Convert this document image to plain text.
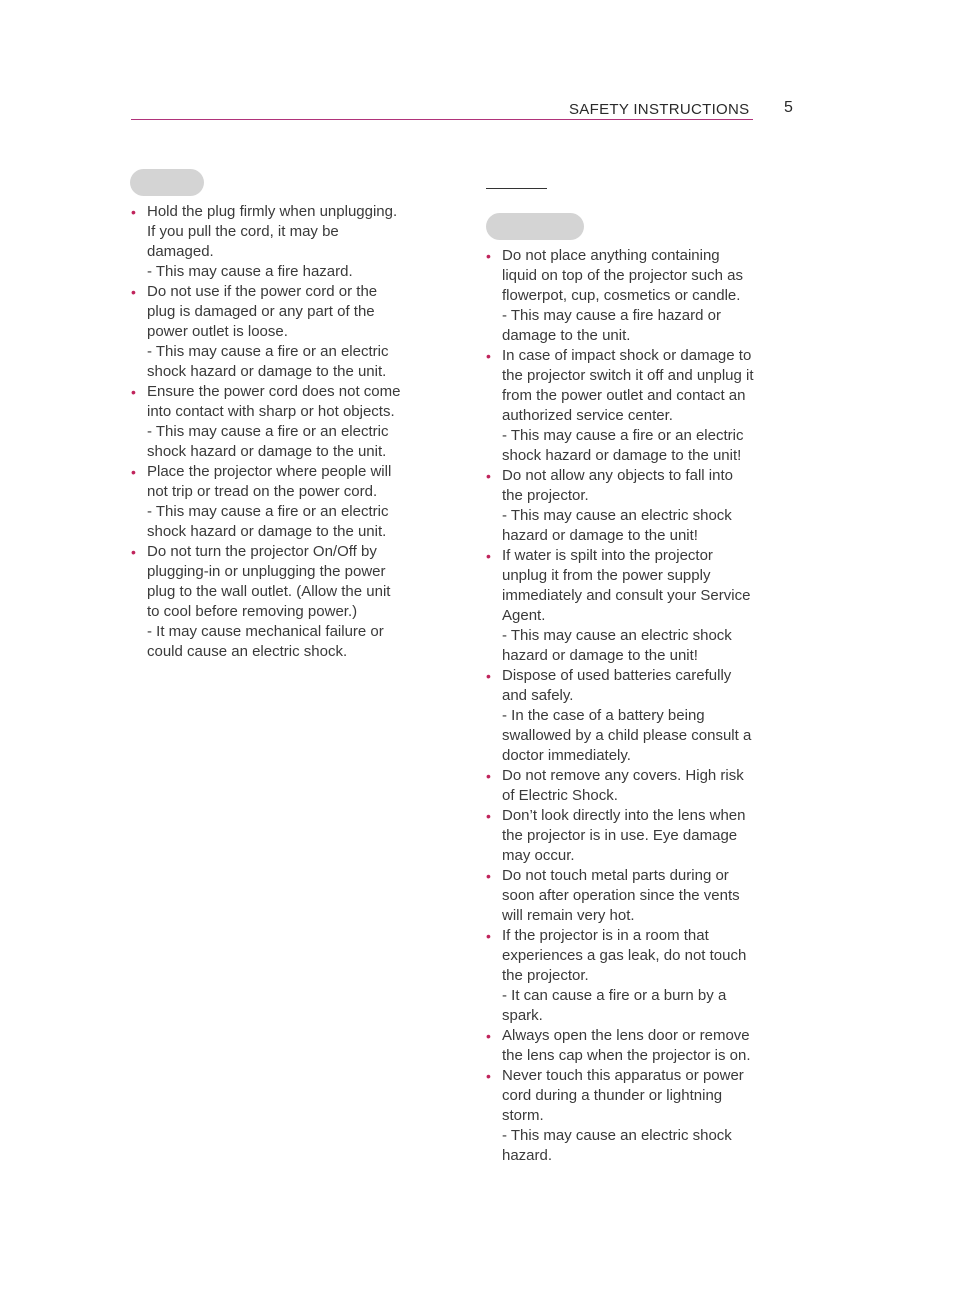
SAFETY INSTRUCTIONS 5
• Hold the plug firmly when unplugging.
If you pull the cord, it may be
damaged.
- This may cause a fire hazard.
• Do not use if the power cord or the
plug is damaged or any part of the
power outlet is loose.
- This may cause a fire or an electric
shock hazard or damage to the unit.
• Ensure the power cord does not come
into contact with sharp or hot objects.
- This may cause a fire or an electric
shock hazard or damage to the unit.
• Place the projector where people will
not trip or tread on the power cord.
- This may cause a fire or an electric
shock hazard or damage to the unit.
• Do not turn the projector On/Off by
plugging-in or unplugging the power
plug to the wall outlet. (Allow the unit
to cool before removing power.)
- It may cause mechanical failure or
could cause an electric shock.
• Do not place anything containing
liquid on top of the projector such as
flowerpot, cup, cosmetics or candle.
- This may cause a fire hazard or
damage to the unit.
• In case of impact shock or damage to
the projector switch it off and unplug it
from the power outlet and contact an
authorized service center.
- This may cause a fire or an electric
shock hazard or damage to the unit!
• Do not allow any objects to fall into
the projector.
- This may cause an electric shock
hazard or damage to the unit!
• If water is spilt into the projector
unplug it from the power supply
immediately and consult your Service
Agent.
- This may cause an electric shock
hazard or damage to the unit!
• Dispose of used batteries carefully
and safely.
- In the case of a battery being
swallowed by a child please consult a
doctor immediately.
• Do not remove any covers. High risk
of Electric Shock.
• Don’t look directly into the lens when
the projector is in use. Eye damage
may occur.
• Do not touch metal parts during or
soon after operation since the vents
will remain very hot.
• If the projector is in a room that
experiences a gas leak, do not touch
the projector.
- It can cause a fire or a burn by a
spark.
• Always open the lens door or remove
the lens cap when the projector is on.
• Never touch this apparatus or power
cord during a thunder or lightning
storm.
- This may cause an electric shock
hazard.
